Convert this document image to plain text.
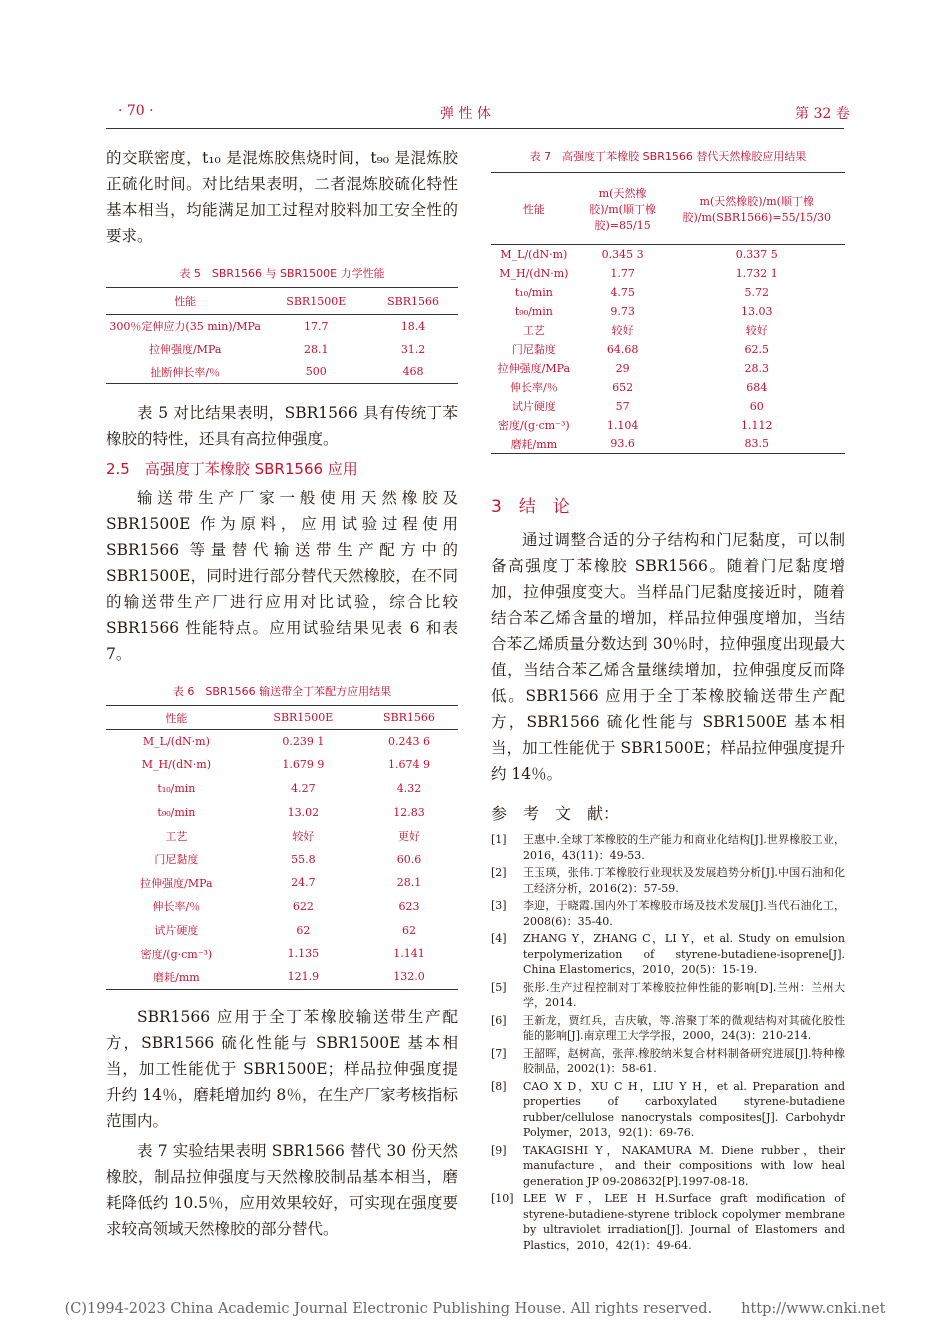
· 70 ·	弹 性 体	第 32 卷

的交联密度，t₁₀ 是混炼胶焦烧时间，t₉₀ 是混炼胶正硫化时间。对比结果表明，二者混炼胶硫化特性基本相当，均能满足加工过程对胶料加工安全性的要求。

表 5　SBR1566 与 SBR1500E 力学性能

性能	SBR1500E	SBR1566
300％定伸应力(35 min)/MPa	17.7	18.4
拉伸强度/MPa	28.1	31.2
扯断伸长率/％	500	468

表 5 对比结果表明，SBR1566 具有传统丁苯橡胶的特性，还具有高拉伸强度。

2.5　高强度丁苯橡胶 SBR1566 应用

输送带生产厂家一般使用天然橡胶及 SBR1500E 作为原料，应用试验过程使用 SBR1566 等量替代输送带生产配方中的 SBR1500E，同时进行部分替代天然橡胶，在不同的输送带生产厂进行应用对比试验，综合比较 SBR1566 性能特点。应用试验结果见表 6 和表 7。

表 6　SBR1566 输送带全丁苯配方应用结果

性能	SBR1500E	SBR1566
M_L/(dN·m)	0.239 1	0.243 6
M_H/(dN·m)	1.679 9	1.674 9
t₁₀/min	4.27	4.32
t₉₀/min	13.02	12.83
工艺	较好	更好
门尼黏度	55.8	60.6
拉伸强度/MPa	24.7	28.1
伸长率/％	622	623
试片硬度	62	62
密度/(g·cm⁻³)	1.135	1.141
磨耗/mm	121.9	132.0

SBR1566 应用于全丁苯橡胶输送带生产配方，SBR1566 硫化性能与 SBR1500E 基本相当，加工性能优于 SBR1500E；样品拉伸强度提升约 14％，磨耗增加约 8％，在生产厂家考核指标范围内。

表 7 实验结果表明 SBR1566 替代 30 份天然橡胶，制品拉伸强度与天然橡胶制品基本相当，磨耗降低约 10.5％，应用效果较好，可实现在强度要求较高领域天然橡胶的部分替代。

表 7　高强度丁苯橡胶 SBR1566 替代天然橡胶应用结果

性能	m(天然橡胶)/m(顺丁橡胶)=85/15	m(天然橡胶)/m(顺丁橡胶)/m(SBR1566)=55/15/30
M_L/(dN·m)	0.345 3	0.337 5
M_H/(dN·m)	1.77	1.732 1
t₁₀/min	4.75	5.72
t₉₀/min	9.73	13.03
工艺	较好	较好
门尼黏度	64.68	62.5
拉伸强度/MPa	29	28.3
伸长率/％	652	684
试片硬度	57	60
密度/(g·cm⁻³)	1.104	1.112
磨耗/mm	93.6	83.5

3　结　论

通过调整合适的分子结构和门尼黏度，可以制备高强度丁苯橡胶 SBR1566。随着门尼黏度增加，拉伸强度变大。当样品门尼黏度接近时，随着结合苯乙烯含量的增加，样品拉伸强度增加，当结合苯乙烯质量分数达到 30％时，拉伸强度出现最大值，当结合苯乙烯含量继续增加，拉伸强度反而降低。SBR1566 应用于全丁苯橡胶输送带生产配方，SBR1566 硫化性能与 SBR1500E 基本相当，加工性能优于 SBR1500E；样品拉伸强度提升约 14％。

参　考　文　献：

[1]	王惠中.全球丁苯橡胶的生产能力和商业化结构[J].世界橡胶工业，2016，43(11)：49-53.
[2]	王玉瑛，张伟.丁苯橡胶行业现状及发展趋势分析[J].中国石油和化工经济分析，2016(2)：57-59.
[3]	李迎，于晓霞.国内外丁苯橡胶市场及技术发展[J].当代石油化工，2008(6)：35-40.
[4]	ZHANG Y，ZHANG C，LI Y，et al. Study on emulsion terpolymerization of styrene-butadiene-isoprene[J]. China Elastomerics，2010，20(5)：15-19.
[5]	张彤.生产过程控制对丁苯橡胶拉伸性能的影响[D].兰州：兰州大学，2014.
[6]	王新龙，贾红兵，吉庆敏，等.溶聚丁苯的微观结构对其硫化胶性能的影响[J].南京理工大学学报，2000，24(3)：210-214.
[7]	王韶晖，赵树高，张萍.橡胶纳米复合材料制备研究进展[J].特种橡胶制品，2002(1)：58-61.
[8]	CAO X D，XU C H，LIU Y H，et al. Preparation and properties of carboxylated styrene-butadiene rubber/cellulose nanocrystals composites[J]. Carbohydr Polymer，2013，92(1)：69-76.
[9]	TAKAGISHI Y，NAKAMURA M. Diene rubber，their manufacture，and their compositions with low heal generation JP 09-208632[P].1997-08-18.
[10] LEE W F，LEE H H.Surface graft modification of styrene-butadiene-styrene triblock copolymer membrane by ultraviolet irradiation[J]. Journal of Elastomers and Plastics，2010，42(1)：49-64.
(C)1994-2023 China Academic Journal Electronic Publishing House. All rights reserved.　　http://www.cnki.net
